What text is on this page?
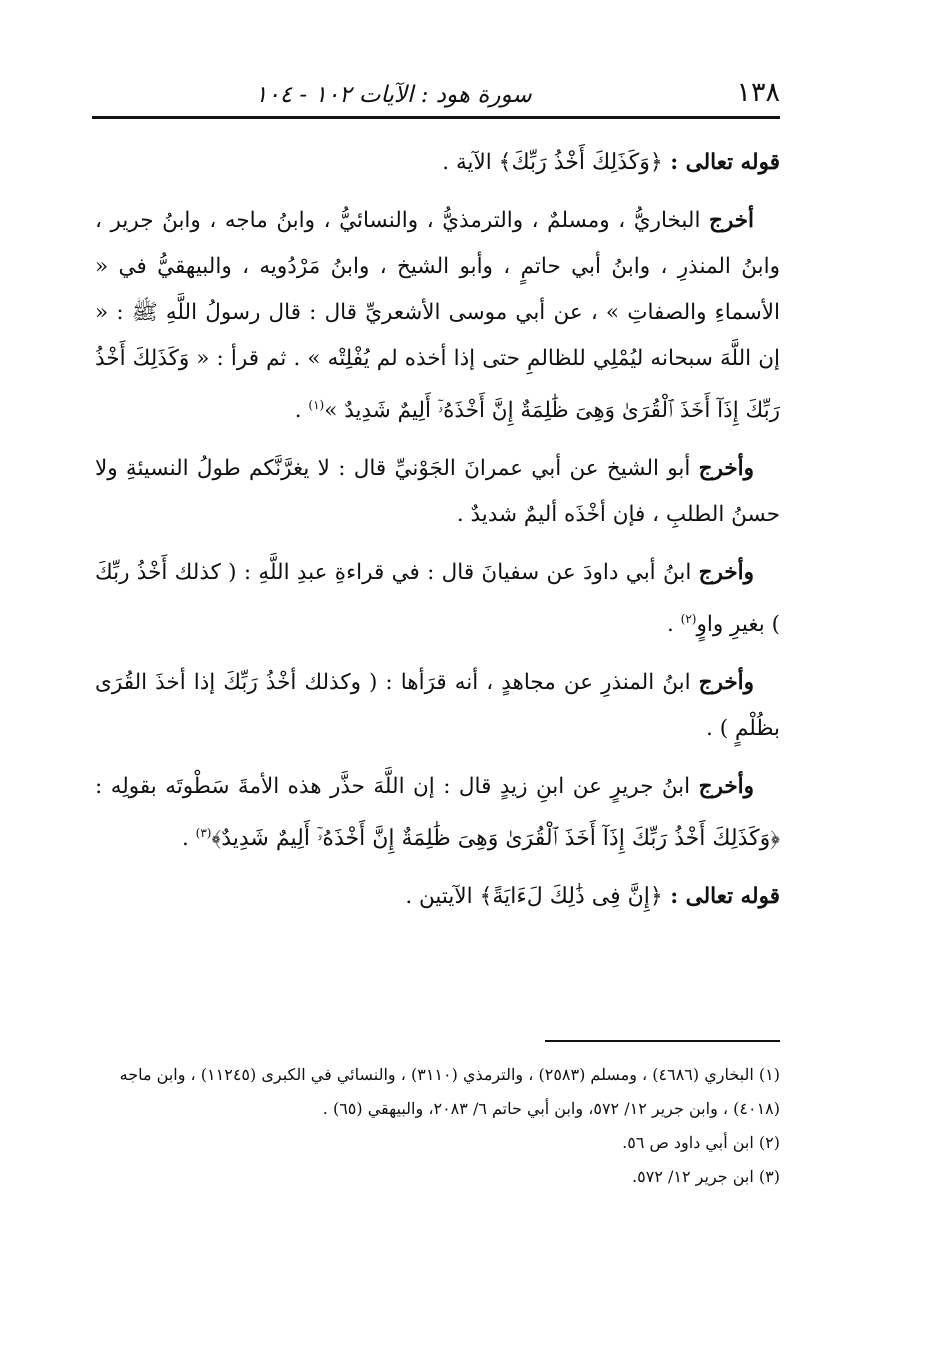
١٣٨
سورة هود : الآيات ١٠٢ - ١٠٤

قوله تعالى : ﴿وَكَذَلِكَ أَخْذُ رَبِّكَ﴾ الآية .

أخرج البخاريُّ ، ومسلمٌ ، والترمذيُّ ، والنسائيُّ ، وابنُ ماجه ، وابنُ جرير ، وابنُ المنذرِ ، وابنُ أبي حاتمٍ ، وأبو الشيخ ، وابنُ مَرْدُويه ، والبيهقيُّ في « الأسماءِ والصفاتِ » ، عن أبي موسى الأشعريِّ قال : قال رسولُ اللَّهِ ﷺ : « إن اللَّهَ سبحانه ليُمْلِي للظالمِ حتى إذا أخذه لم يُفْلِتْه » . ثم قرأ : « وَكَذَلِكَ أَخْذُ رَبِّكَ إِذَآ أَخَذَ ٱلْقُرَىٰ وَهِىَ ظَٰلِمَةٌ إِنَّ أَخْذَهُۥٓ أَلِيمٌ شَدِيدٌ »$^{(١)}$ .

وأخرج أبو الشيخ عن أبي عمرانَ الجَوْنيِّ قال : لا يغرَّنَّكم طولُ النسيئةِ ولا حسنُ الطلبِ ، فإن أخْذَه أليمٌ شديدٌ .

وأخرج ابنُ أبي داودَ عن سفيانَ قال : في قراءةِ عبدِ اللَّهِ : ( كذلك أَخْذُ ربِّكَ ) بغيرِ واوٍ$^{(٢)}$ .

وأخرج ابنُ المنذرِ عن مجاهدٍ ، أنه قرَأها : ( وكذلك أخْذُ رَبِّكَ إذا أخذَ القُرَى بظُلْمٍ ) .

وأخرج ابنُ جريرٍ عن ابنِ زيدٍ قال : إن اللَّهَ حذَّر هذه الأمةَ سَطْوتَه بقولِه : ﴿وَكَذَلِكَ أَخْذُ رَبِّكَ إِذَآ أَخَذَ ٱلْقُرَىٰ وَهِىَ ظَٰلِمَةٌ إِنَّ أَخْذَهُۥٓ أَلِيمٌ شَدِيدٌ﴾$^{(٣)}$ .

قوله تعالى : ﴿إِنَّ فِى ذَٰلِكَ لَءَايَةً﴾ الآيتين .

(١) البخاري (٤٦٨٦) ، ومسلم (٢٥٨٣) ، والترمذي (٣١١٠) ، والنسائي في الكبرى (١١٢٤٥) ، وابن ماجه (٤٠١٨) ، وابن جرير ١٢/ ٥٧٢، وابن أبي حاتم ٦/ ٢٠٨٣، والبيهقي (٦٥) .
(٢) ابن أبي داود ص ٥٦.
(٣) ابن جرير ١٢/ ٥٧٢.
